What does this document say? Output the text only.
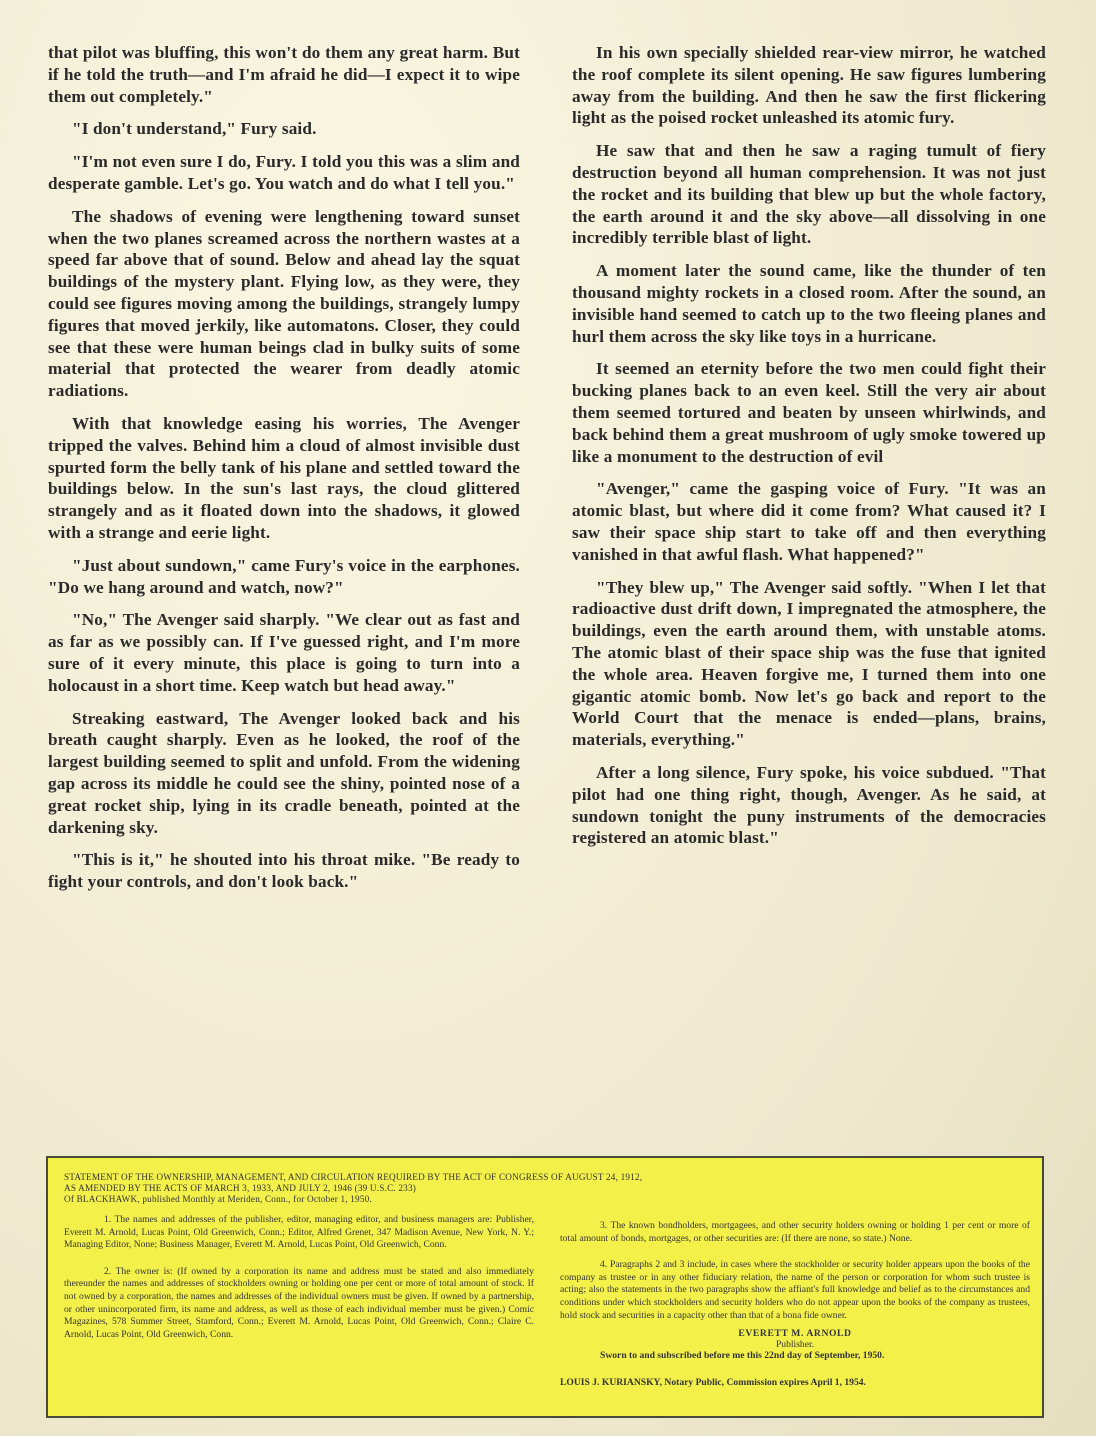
that pilot was bluffing, this won't do them any great harm. But if he told the truth—and I'm afraid he did—I expect it to wipe them out completely."

"I don't understand," Fury said.

"I'm not even sure I do, Fury. I told you this was a slim and desperate gamble. Let's go. You watch and do what I tell you."

The shadows of evening were lengthening toward sunset when the two planes screamed across the northern wastes at a speed far above that of sound. Below and ahead lay the squat buildings of the mystery plant. Flying low, as they were, they could see figures moving among the buildings, strangely lumpy figures that moved jerkily, like automatons. Closer, they could see that these were human beings clad in bulky suits of some material that protected the wearer from deadly atomic radiations.

With that knowledge easing his worries, The Avenger tripped the valves. Behind him a cloud of almost invisible dust spurted form the belly tank of his plane and settled toward the buildings below. In the sun's last rays, the cloud glittered strangely and as it floated down into the shadows, it glowed with a strange and eerie light.

"Just about sundown," came Fury's voice in the earphones. "Do we hang around and watch, now?"

"No," The Avenger said sharply. "We clear out as fast and as far as we possibly can. If I've guessed right, and I'm more sure of it every minute, this place is going to turn into a holocaust in a short time. Keep watch but head away."

Streaking eastward, The Avenger looked back and his breath caught sharply. Even as he looked, the roof of the largest building seemed to split and unfold. From the widening gap across its middle he could see the shiny, pointed nose of a great rocket ship, lying in its cradle beneath, pointed at the darkening sky.

"This is it," he shouted into his throat mike. "Be ready to fight your controls, and don't look back."

In his own specially shielded rear-view mirror, he watched the roof complete its silent opening. He saw figures lumbering away from the building. And then he saw the first flickering light as the poised rocket unleashed its atomic fury.

He saw that and then he saw a raging tumult of fiery destruction beyond all human comprehension. It was not just the rocket and its building that blew up but the whole factory, the earth around it and the sky above—all dissolving in one incredibly terrible blast of light.

A moment later the sound came, like the thunder of ten thousand mighty rockets in a closed room. After the sound, an invisible hand seemed to catch up to the two fleeing planes and hurl them across the sky like toys in a hurricane.

It seemed an eternity before the two men could fight their bucking planes back to an even keel. Still the very air about them seemed tortured and beaten by unseen whirlwinds, and back behind them a great mushroom of ugly smoke towered up like a monument to the destruction of evil

"Avenger," came the gasping voice of Fury. "It was an atomic blast, but where did it come from? What caused it? I saw their space ship start to take off and then everything vanished in that awful flash. What happened?"

"They blew up," The Avenger said softly. "When I let that radioactive dust drift down, I impregnated the atmosphere, the buildings, even the earth around them, with unstable atoms. The atomic blast of their space ship was the fuse that ignited the whole area. Heaven forgive me, I turned them into one gigantic atomic bomb. Now let's go back and report to the World Court that the menace is ended—plans, brains, materials, everything."

After a long silence, Fury spoke, his voice subdued. "That pilot had one thing right, though, Avenger. As he said, at sundown tonight the puny instruments of the democracies registered an atomic blast."

STATEMENT OF THE OWNERSHIP, MANAGEMENT, AND CIRCULATION REQUIRED BY THE ACT OF CONGRESS OF AUGUST 24, 1912,
AS AMENDED BY THE ACTS OF MARCH 3, 1933, AND JULY 2, 1946 (39 U.S.C. 233)
Of BLACKHAWK, published Monthly at Meriden, Conn., for October 1, 1950.

1. The names and addresses of the publisher, editor, managing editor, and business managers are: Publisher, Everett M. Arnold, Lucas Point, Old Greenwich, Conn.; Editor, Alfred Grenet, 347 Madison Avenue, New York, N. Y.; Managing Editor, None; Business Manager, Everett M. Arnold, Lucas Point, Old Greenwich, Conn.

2. The owner is: (If owned by a corporation its name and address must be stated and also immediately thereunder the names and addresses of stockholders owning or holding one per cent or more of total amount of stock. If not owned by a corporation, the names and addresses of the individual owners must be given. If owned by a partnership, or other unincorporated firm, its name and address, as well as those of each individual member must be given.) Comic Magazines, 578 Summer Street, Stamford, Conn.; Everett M. Arnold, Lucas Point, Old Greenwich, Conn.; Claire C. Arnold, Lucas Point, Old Greenwich, Conn.

3. The known bondholders, mortgagees, and other security holders owning or holding 1 per cent or more of total amount of bonds, mortgages, or other securities are: (If there are none, so state.) None.

4. Paragraphs 2 and 3 include, in cases where the stockholder or security holder appears upon the books of the company as trustee or in any other fiduciary relation, the name of the person or corporation for whom such trustee is acting; also the statements in the two paragraphs show the affiant's full knowledge and belief as to the circumstances and conditions under which stockholders and security holders who do not appear upon the books of the company as trustees, hold stock and securities in a capacity other than that of a bona fide owner.

EVERETT M. ARNOLD
Publisher.

Sworn to and subscribed before me this 22nd day of September, 1950.

LOUIS J. KURIANSKY, Notary Public, Commission expires April 1, 1954.
